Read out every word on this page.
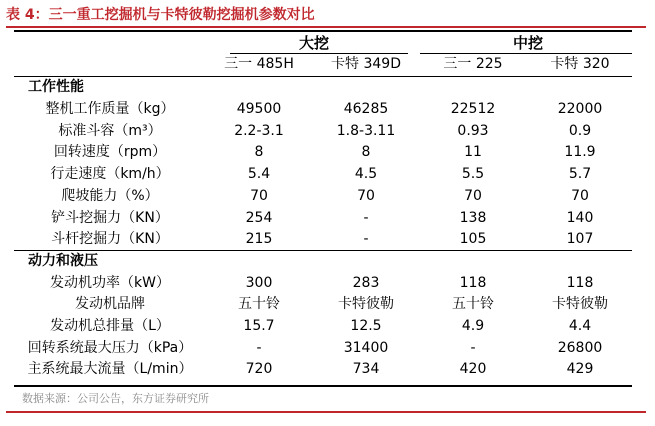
表 4：三一重工挖掘机与卡特彼勒挖掘机参数对比
大挖	中挖
三一 485H	卡特 349D	三一 225	卡特 320
工作性能
整机工作质量（kg）	49500	46285	22512	22000
标准斗容（m³）	2.2-3.1	1.8-3.11	0.93	0.9
回转速度（rpm）	8	8	11	11.9
行走速度（km/h）	5.4	4.5	5.5	5.7
爬坡能力（%）	70	70	70	70
铲斗挖掘力（KN）	254	-	138	140
斗杆挖掘力（KN）	215	-	105	107
发动机功率（kW）	300	283	118	118
发动机品牌	五十铃	卡特彼勒	五十铃	卡特彼勒
发动机总排量（L）	15.7	12.5	4.9	4.4
回转系统最大压力（kPa）	-	31400	-	26800
主系统最大流量（L/min）	720	734	420	429
动力和液压
数据来源：公司公告，东方证券研究所
